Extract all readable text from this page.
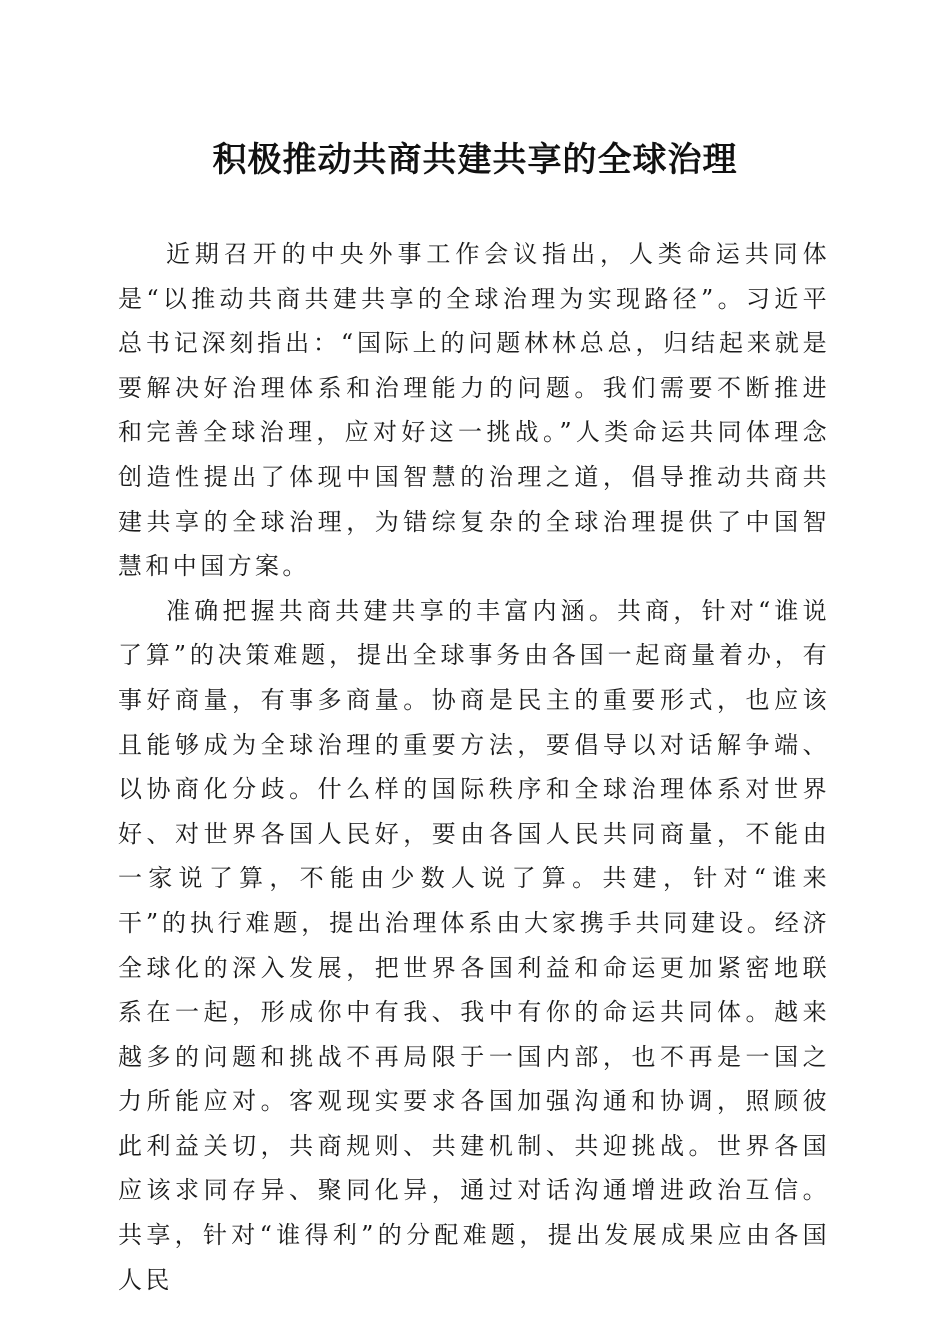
积极推动共商共建共享的全球治理

近期召开的中央外事工作会议指出，人类命运共同体是“以推动共商共建共享的全球治理为实现路径”。习近平总书记深刻指出：“国际上的问题林林总总，归结起来就是要解决好治理体系和治理能力的问题。我们需要不断推进和完善全球治理，应对好这一挑战。”人类命运共同体理念创造性提出了体现中国智慧的治理之道，倡导推动共商共建共享的全球治理，为错综复杂的全球治理提供了中国智慧和中国方案。

准确把握共商共建共享的丰富内涵。共商，针对“谁说了算”的决策难题，提出全球事务由各国一起商量着办，有事好商量，有事多商量。协商是民主的重要形式，也应该且能够成为全球治理的重要方法，要倡导以对话解争端、以协商化分歧。什么样的国际秩序和全球治理体系对世界好、对世界各国人民好，要由各国人民共同商量，不能由一家说了算，不能由少数人说了算。共建，针对“谁来干”的执行难题，提出治理体系由大家携手共同建设。经济全球化的深入发展，把世界各国利益和命运更加紧密地联系在一起，形成你中有我、我中有你的命运共同体。越来越多的问题和挑战不再局限于一国内部，也不再是一国之力所能应对。客观现实要求各国加强沟通和协调，照顾彼此利益关切，共商规则、共建机制、共迎挑战。世界各国应该求同存异、聚同化异，通过对话沟通增进政治互信。共享，针对“谁得利”的分配难题，提出发展成果应由各国人民
